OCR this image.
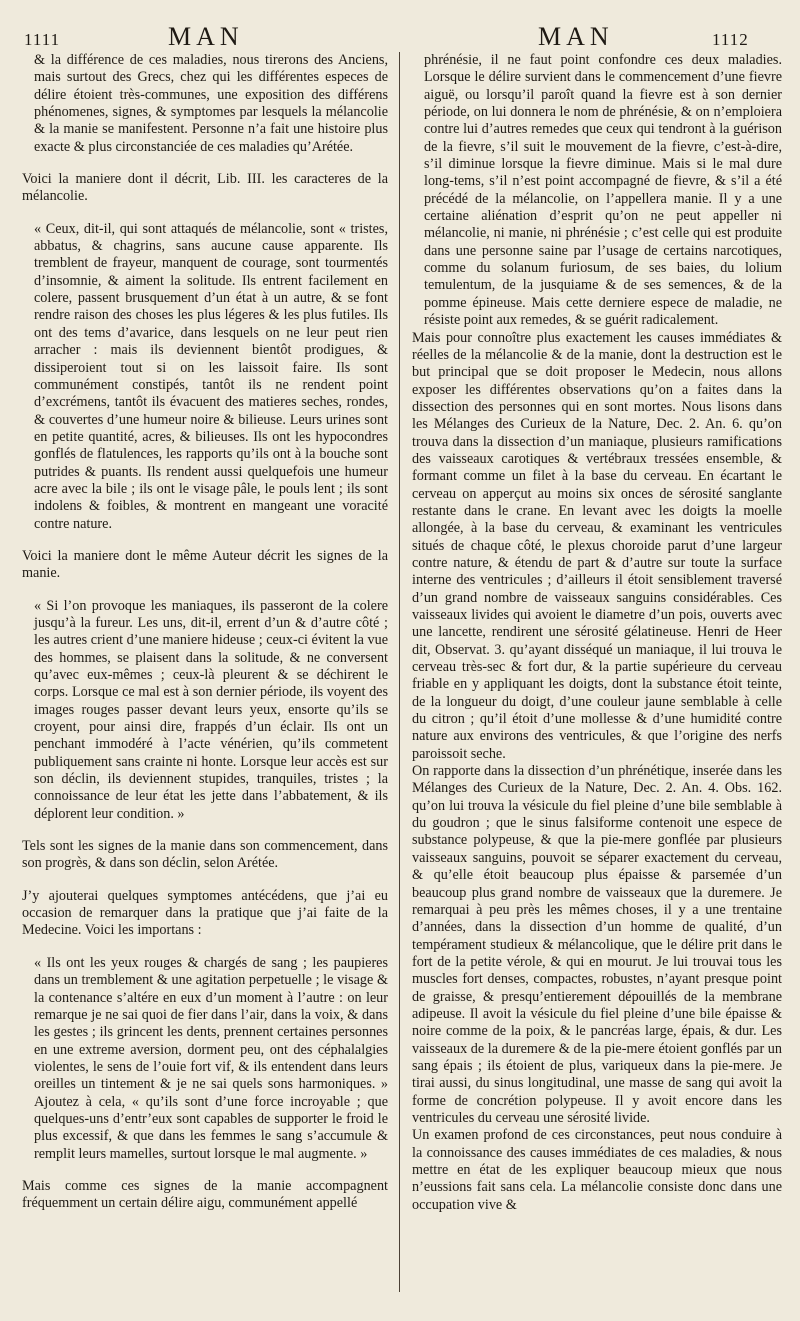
1111	MAN	MAN	1112

& la différence de ces maladies, nous tirerons des Anciens, mais surtout des Grecs, chez qui les différentes especes de délire étoient très-communes, une exposition des différens phénomenes, signes, & symptomes par lesquels la mélancolie & la manie se manifestent. Personne n’a fait une histoire plus exacte & plus circonstanciée de ces maladies qu’Arétée.

Voici la maniere dont il décrit, Lib. III. les caracteres de la mélancolie.

« Ceux, dit-il, qui sont attaqués de mélancolie, sont « tristes, abbatus, & chagrins, sans aucune cause apparente. Ils tremblent de frayeur, manquent de courage, sont tourmentés d’insomnie, & aiment la solitude. Ils entrent facilement en colere, passent brusquement d’un état à un autre, & se font rendre raison des choses les plus légeres & les plus futiles. Ils ont des tems d’avarice, dans lesquels on ne leur peut rien arracher : mais ils deviennent bientôt prodigues, & dissiperoient tout si on les laissoit faire. Ils sont communément constipés, tantôt ils ne rendent point d’excrémens, tantôt ils évacuent des matieres seches, rondes, & couvertes d’une humeur noire & bilieuse. Leurs urines sont en petite quantité, acres, & bilieuses. Ils ont les hypocondres gonflés de flatulences, les rapports qu’ils ont à la bouche sont putrides & puants. Ils rendent aussi quelquefois une humeur acre avec la bile ; ils ont le visage pâle, le pouls lent ; ils sont indolens & foibles, & montrent en mangeant une voracité contre nature.

Voici la maniere dont le même Auteur décrit les signes de la manie.

« Si l’on provoque les maniaques, ils passeront de la colere jusqu’à la fureur. Les uns, dit-il, errent d’un & d’autre côté ; les autres crient d’une maniere hideuse ; ceux-ci évitent la vue des hommes, se plaisent dans la solitude, & ne conversent qu’avec eux-mêmes ; ceux-là pleurent & se déchirent le corps. Lorsque ce mal est à son dernier période, ils voyent des images rouges passer devant leurs yeux, ensorte qu’ils se croyent, pour ainsi dire, frappés d’un éclair. Ils ont un penchant immodéré à l’acte vénérien, qu’ils commetent publiquement sans crainte ni honte. Lorsque leur accès est sur son déclin, ils deviennent stupides, tranquiles, tristes ; la connoissance de leur état les jette dans l’abbatement, & ils déplorent leur condition. »

Tels sont les signes de la manie dans son commencement, dans son progrès, & dans son déclin, selon Arétée.

J’y ajouterai quelques symptomes antécédens, que j’ai eu occasion de remarquer dans la pratique que j’ai faite de la Medecine. Voici les importans :

« Ils ont les yeux rouges & chargés de sang ; les paupieres dans un tremblement & une agitation perpetuelle ; le visage & la contenance s’altére en eux d’un moment à l’autre : on leur remarque je ne sai quoi de fier dans l’air, dans la voix, & dans les gestes ; ils grincent les dents, prennent certaines personnes en une extreme aversion, dorment peu, ont des céphalalgies violentes, le sens de l’ouie fort vif, & ils entendent dans leurs oreilles un tintement & je ne sai quels sons harmoniques. » Ajoutez à cela, « qu’ils sont d’une force incroyable ; que quelques-uns d’entr’eux sont capables de supporter le froid le plus excessif, & que dans les femmes le sang s’accumule & remplit leurs mamelles, surtout lorsque le mal augmente. »

Mais comme ces signes de la manie accompagnent fréquemment un certain délire aigu, communément appellé

phrénésie, il ne faut point confondre ces deux maladies. Lorsque le délire survient dans le commencement d’une fievre aiguë, ou lorsqu’il paroît quand la fievre est à son dernier période, on lui donnera le nom de phrénésie, & on n’emploiera contre lui d’autres remedes que ceux qui tendront à la guérison de la fievre, s’il suit le mouvement de la fievre, c’est-à-dire, s’il diminue lorsque la fievre diminue. Mais si le mal dure long-tems, s’il n’est point accompagné de fievre, & s’il a été précédé de la mélancolie, on l’appellera manie. Il y a une certaine aliénation d’esprit qu’on ne peut appeller ni mélancolie, ni manie, ni phrénésie ; c’est celle qui est produite dans une personne saine par l’usage de certains narcotiques, comme du solanum furiosum, de ses baies, du lolium temulentum, de la jusquiame & de ses semences, & de la pomme épineuse. Mais cette derniere espece de maladie, ne résiste point aux remedes, & se guérit radicalement.

Mais pour connoître plus exactement les causes immédiates & réelles de la mélancolie & de la manie, dont la destruction est le but principal que se doit proposer le Medecin, nous allons exposer les différentes observations qu’on a faites dans la dissection des personnes qui en sont mortes. Nous lisons dans les Mélanges des Curieux de la Nature, Dec. 2. An. 6. qu’on trouva dans la dissection d’un maniaque, plusieurs ramifications des vaisseaux carotiques & vertébraux tressées ensemble, & formant comme un filet à la base du cerveau. En écartant le cerveau on apperçut au moins six onces de sérosité sanglante restante dans le crane. En levant avec les doigts la moelle allongée, à la base du cerveau, & examinant les ventricules situés de chaque côté, le plexus choroide parut d’une largeur contre nature, & étendu de part & d’autre sur toute la surface interne des ventricules ; d’ailleurs il étoit sensiblement traversé d’un grand nombre de vaisseaux sanguins considérables. Ces vaisseaux livides qui avoient le diametre d’un pois, ouverts avec une lancette, rendirent une sérosité gélatineuse. Henri de Heer dit, Observat. 3. qu’ayant disséqué un maniaque, il lui trouva le cerveau très-sec & fort dur, & la partie supérieure du cerveau friable en y appliquant les doigts, dont la substance étoit teinte, de la longueur du doigt, d’une couleur jaune semblable à celle du citron ; qu’il étoit d’une mollesse & d’une humidité contre nature aux environs des ventricules, & que l’origine des nerfs paroissoit seche.

On rapporte dans la dissection d’un phrénétique, inserée dans les Mélanges des Curieux de la Nature, Dec. 2. An. 4. Obs. 162. qu’on lui trouva la vésicule du fiel pleine d’une bile semblable à du goudron ; que le sinus falsiforme contenoit une espece de substance polypeuse, & que la pie-mere gonflée par plusieurs vaisseaux sanguins, pouvoit se séparer exactement du cerveau, & qu’elle étoit beaucoup plus épaisse & parsemée d’un beaucoup plus grand nombre de vaisseaux que la duremere. Je remarquai à peu près les mêmes choses, il y a une trentaine d’années, dans la dissection d’un homme de qualité, d’un tempérament studieux & mélancolique, que le délire prit dans le fort de la petite vérole, & qui en mourut. Je lui trouvai tous les muscles fort denses, compactes, robustes, n’ayant presque point de graisse, & presqu’entierement dépouillés de la membrane adipeuse. Il avoit la vésicule du fiel pleine d’une bile épaisse & noire comme de la poix, & le pancréas large, épais, & dur. Les vaisseaux de la duremere & de la pie-mere étoient gonflés par un sang épais ; ils étoient de plus, variqueux dans la pie-mere. Je tirai aussi, du sinus longitudinal, une masse de sang qui avoit la forme de concrétion polypeuse. Il y avoit encore dans les ventricules du cerveau une sérosité livide.

Un examen profond de ces circonstances, peut nous conduire à la connoissance des causes immédiates de ces maladies, & nous mettre en état de les expliquer beaucoup mieux que nous n’eussions fait sans cela. La mélancolie consiste donc dans une occupation vive &
